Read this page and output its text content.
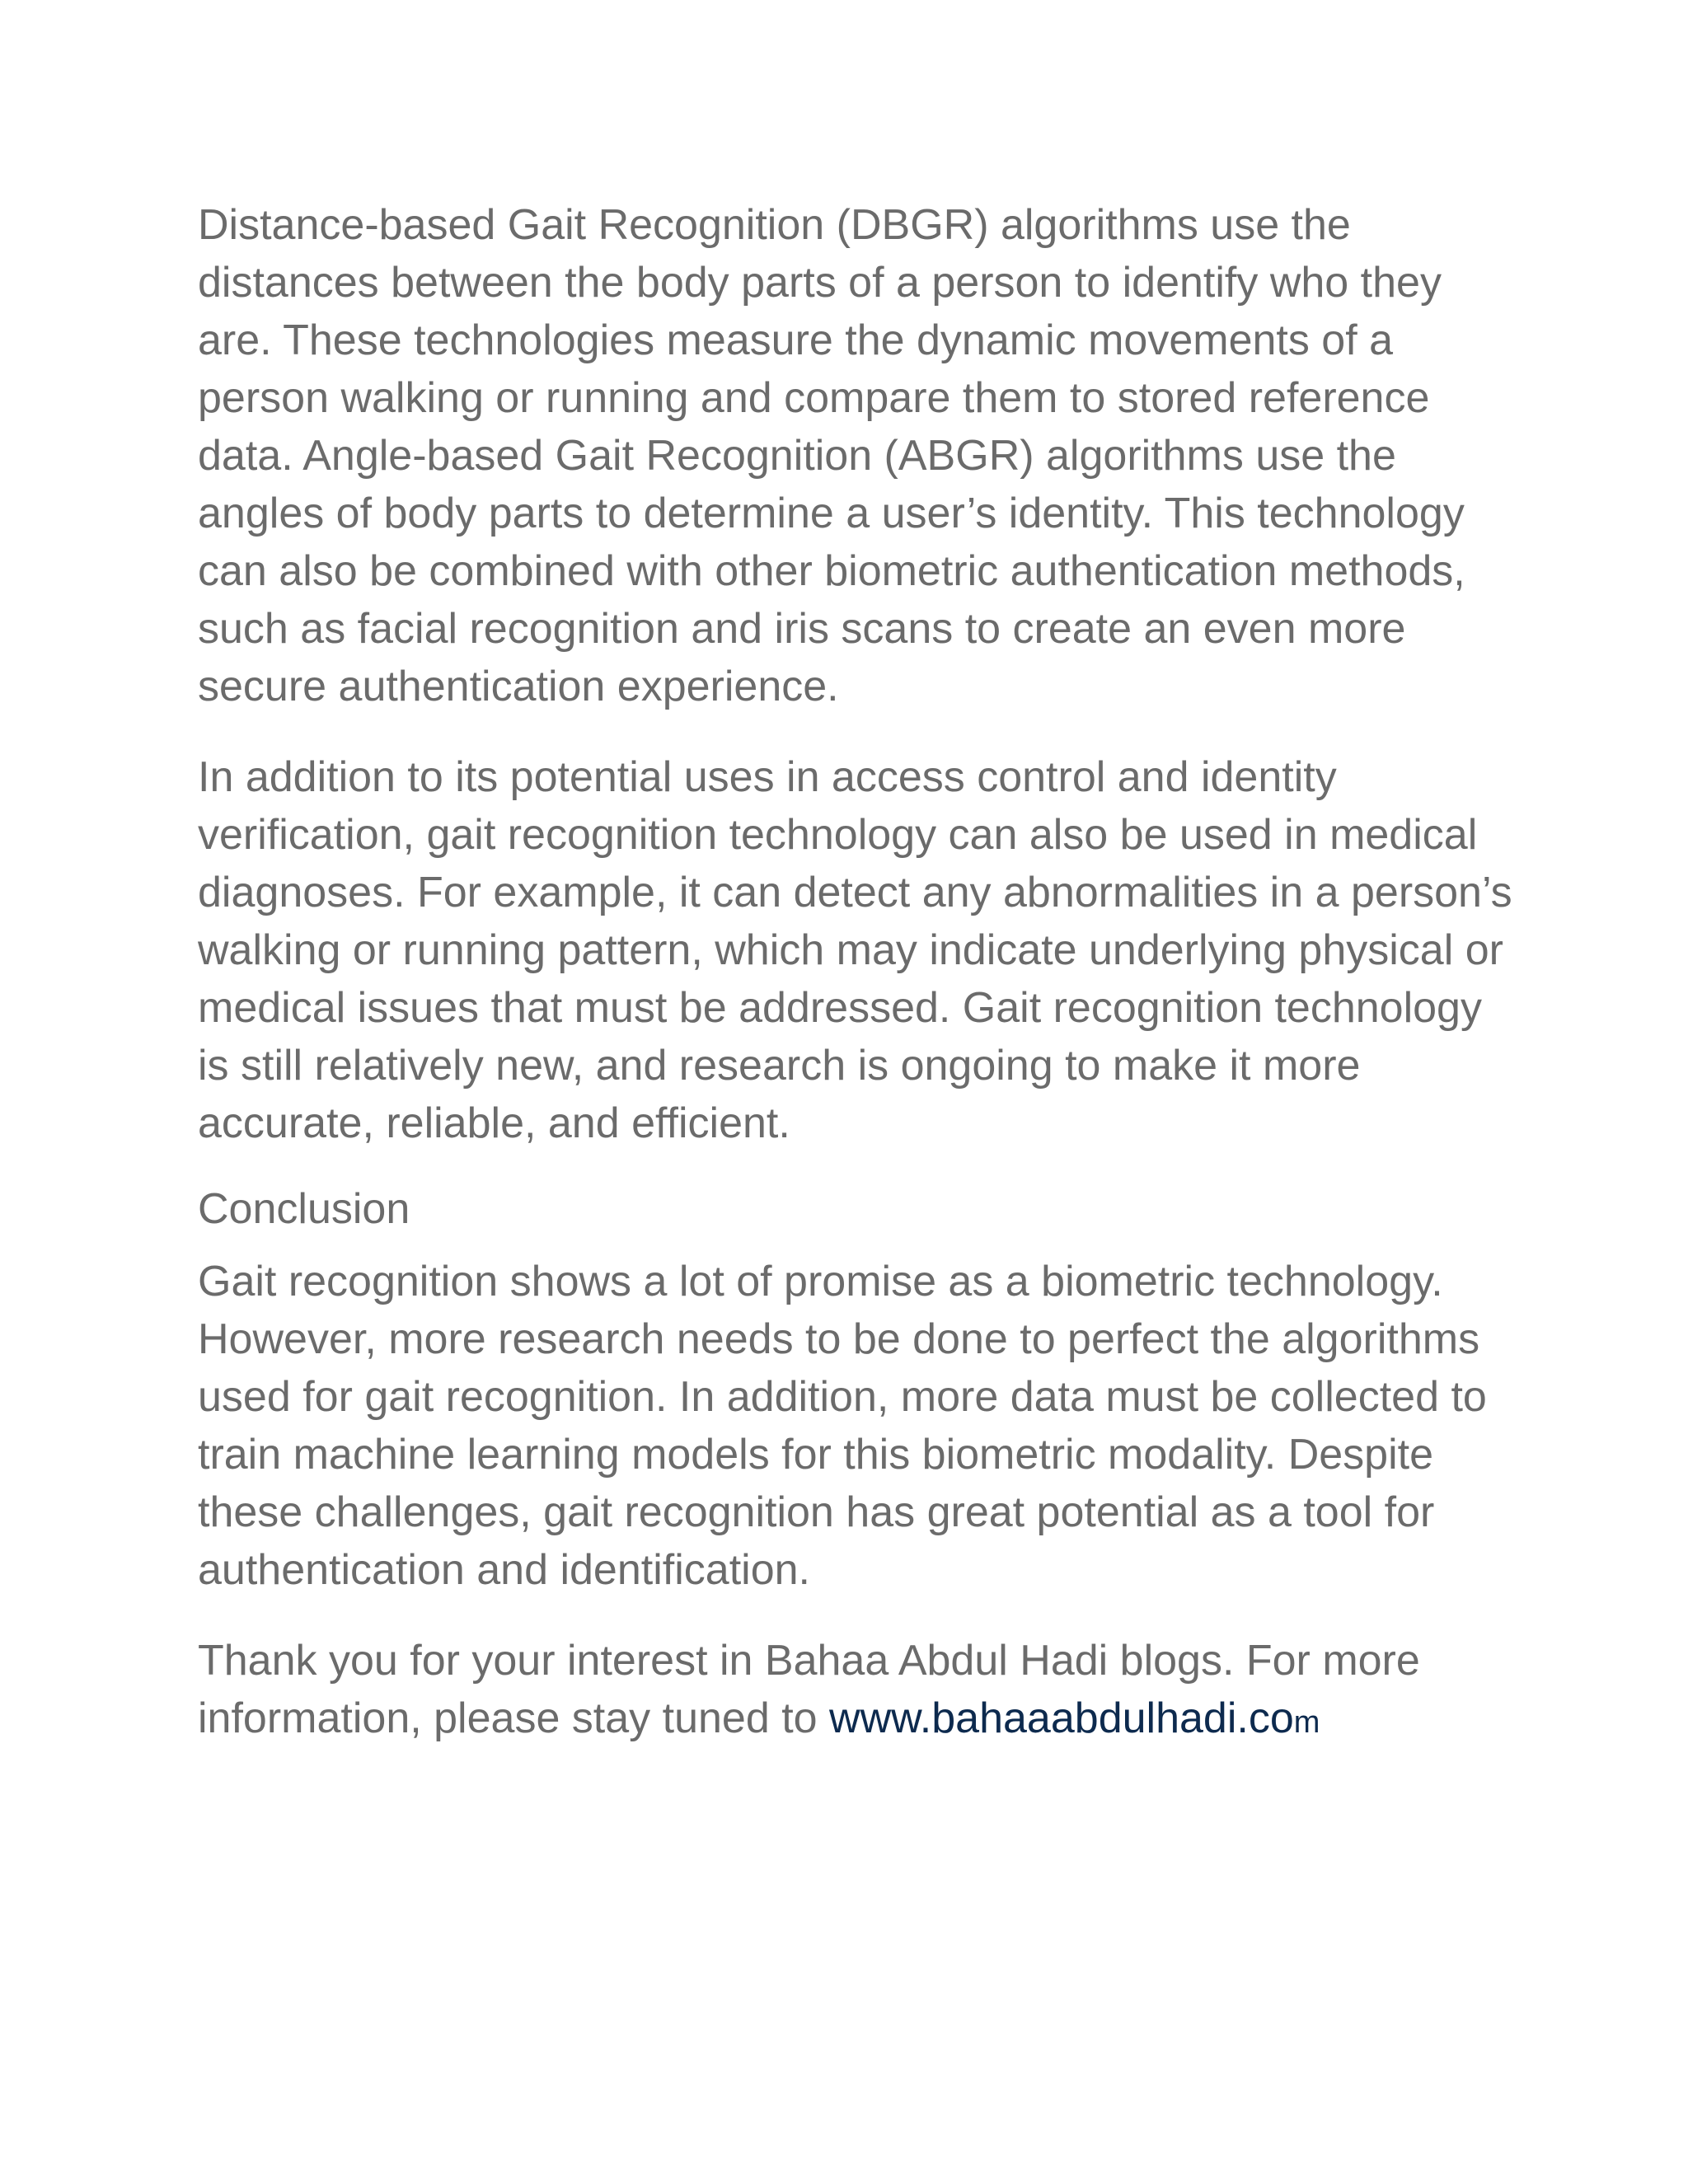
Distance-based Gait Recognition (DBGR) algorithms use the distances between the body parts of a person to identify who they are. These technologies measure the dynamic movements of a person walking or running and compare them to stored reference data. Angle-based Gait Recognition (ABGR) algorithms use the angles of body parts to determine a user’s identity. This technology can also be combined with other biometric authentication methods, such as facial recognition and iris scans to create an even more secure authentication experience.

In addition to its potential uses in access control and identity verification, gait recognition technology can also be used in medical diagnoses. For example, it can detect any abnormalities in a person’s walking or running pattern, which may indicate underlying physical or medical issues that must be addressed. Gait recognition technology is still relatively new, and research is ongoing to make it more accurate, reliable, and efficient.

Conclusion

Gait recognition shows a lot of promise as a biometric technology. However, more research needs to be done to perfect the algorithms used for gait recognition. In addition, more data must be collected to train machine learning models for this biometric modality. Despite these challenges, gait recognition has great potential as a tool for authentication and identification.

Thank you for your interest in Bahaa Abdul Hadi blogs. For more information, please stay tuned to www.bahaaabdulhadi.com
